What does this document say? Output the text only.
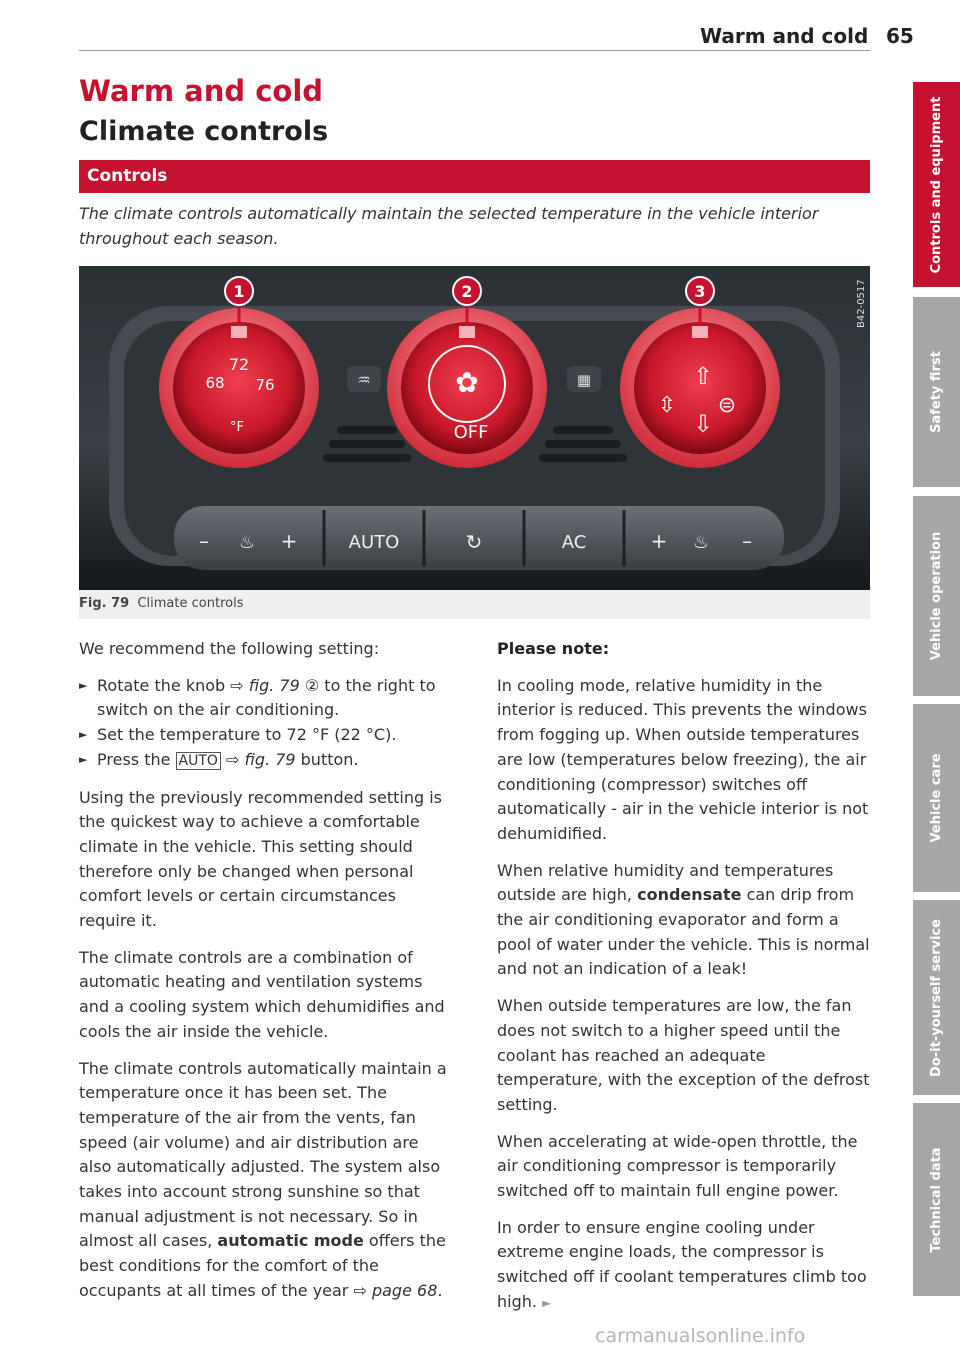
Warm and cold 65
Warm and cold
Climate controls
Controls
The climate controls automatically maintain the selected temperature in the vehicle interior throughout each season.
72
68 76
°F
✿
OFF
⇧
⇳ ⊜
⇩
1	2	3
♒	▦
– ♨ +	AUTO	↻	AC	+ ♨ –
B42-0517
Fig. 79 Climate controls

We recommend the following setting:

► Rotate the knob ⇨ fig. 79 ② to the right to switch on the air conditioning.
► Set the temperature to 72 °F (22 °C).
► Press the AUTO ⇨ fig. 79 button.

Using the previously recommended setting is the quickest way to achieve a comfortable climate in the vehicle. This setting should therefore only be changed when personal comfort levels or certain circumstances require it.

The climate controls are a combination of automatic heating and ventilation systems and a cooling system which dehumidifies and cools the air inside the vehicle.

The climate controls automatically maintain a temperature once it has been set. The temperature of the air from the vents, fan speed (air volume) and air distribution are also automatically adjusted. The system also takes into account strong sunshine so that manual adjustment is not necessary. So in almost all cases, automatic mode offers the best conditions for the comfort of the occupants at all times of the year ⇨ page 68.

Please note:

In cooling mode, relative humidity in the interior is reduced. This prevents the windows from fogging up. When outside temperatures are low (temperatures below freezing), the air conditioning (compressor) switches off automatically - air in the vehicle interior is not dehumidified.

When relative humidity and temperatures outside are high, condensate can drip from the air conditioning evaporator and form a pool of water under the vehicle. This is normal and not an indication of a leak!

When outside temperatures are low, the fan does not switch to a higher speed until the coolant has reached an adequate temperature, with the exception of the defrost setting.

When accelerating at wide-open throttle, the air conditioning compressor is temporarily switched off to maintain full engine power.

In order to ensure engine cooling under extreme engine loads, the compressor is switched off if coolant temperatures climb too high. ►

Controls and equipment
Safety first
Vehicle operation
Vehicle care
Do-it-yourself service
Technical data
carmanualsonline.info
